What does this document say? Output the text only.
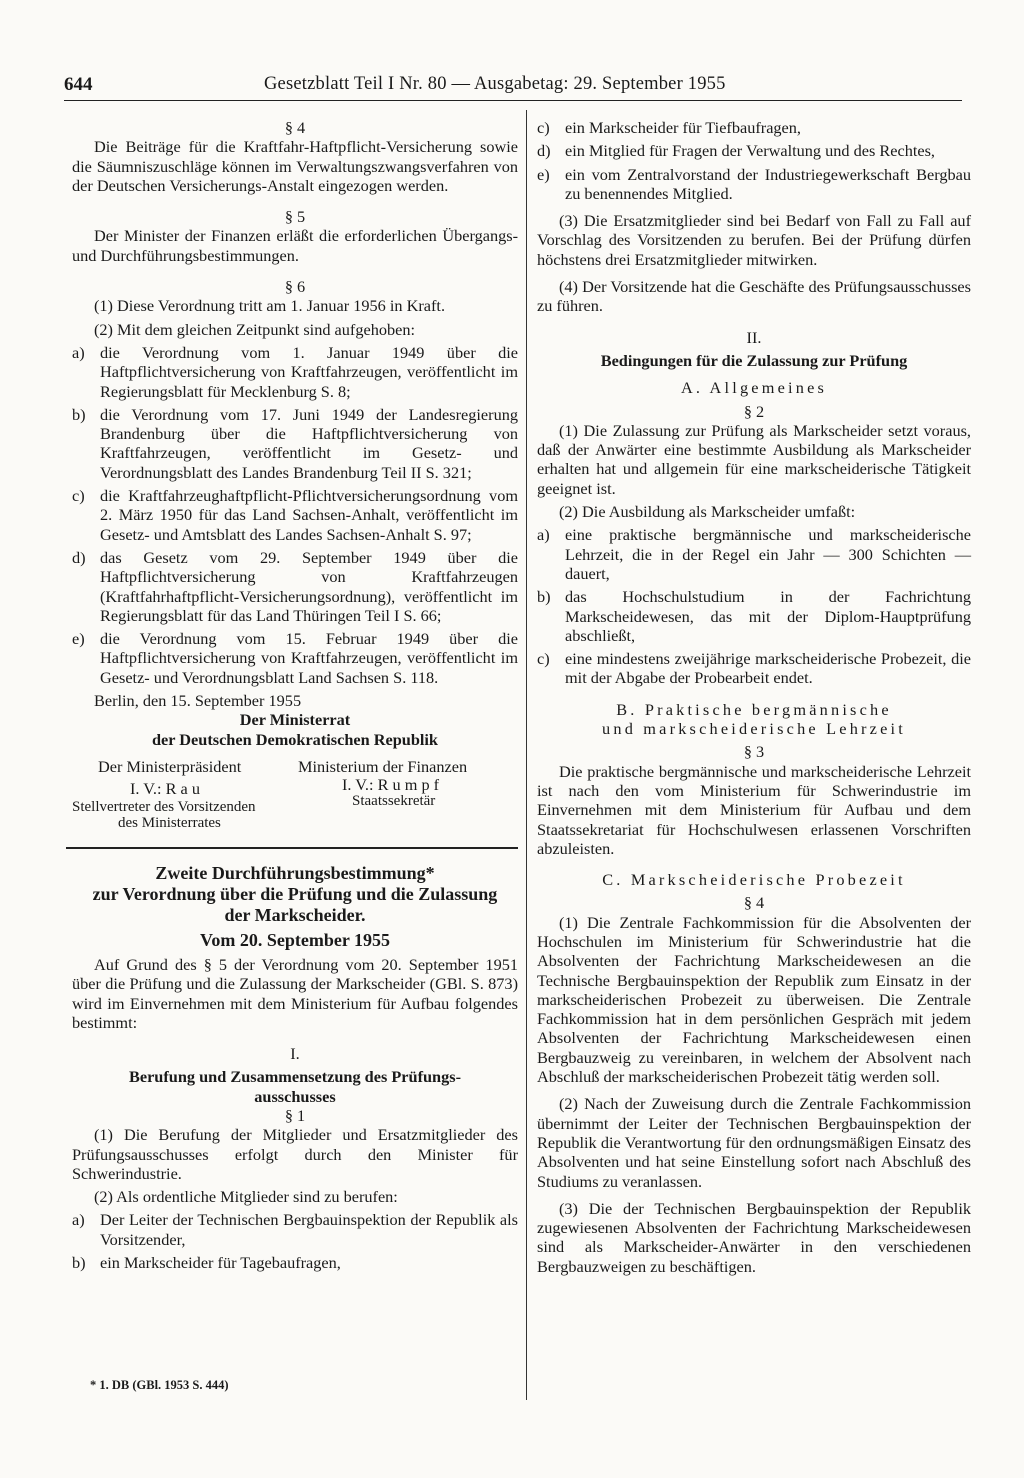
644	Gesetzblatt Teil I Nr. 80 — Ausgabetag: 29. September 1955

§ 4

Die Beiträge für die Kraftfahr-Haftpflicht-Versicherung sowie die Säumniszuschläge können im Verwaltungszwangsverfahren von der Deutschen Versicherungs-Anstalt eingezogen werden.

§ 5

Der Minister der Finanzen erläßt die erforderlichen Übergangs- und Durchführungsbestimmungen.

§ 6

(1) Diese Verordnung tritt am 1. Januar 1956 in Kraft.

(2) Mit dem gleichen Zeitpunkt sind aufgehoben:

a) die Verordnung vom 1. Januar 1949 über die Haftpflichtversicherung von Kraftfahrzeugen, veröffentlicht im Regierungsblatt für Mecklenburg S. 8;
b) die Verordnung vom 17. Juni 1949 der Landesregierung Brandenburg über die Haftpflichtversicherung von Kraftfahrzeugen, veröffentlicht im Gesetz- und Verordnungsblatt des Landes Brandenburg Teil II S. 321;
c) die Kraftfahrzeughaftpflicht-Pflichtversicherungsordnung vom 2. März 1950 für das Land Sachsen-Anhalt, veröffentlicht im Gesetz- und Amtsblatt des Landes Sachsen-Anhalt S. 97;
d) das Gesetz vom 29. September 1949 über die Haftpflichtversicherung von Kraftfahrzeugen (Kraftfahrhaftpflicht-Versicherungsordnung), veröffentlicht im Regierungsblatt für das Land Thüringen Teil I S. 66;
e) die Verordnung vom 15. Februar 1949 über die Haftpflichtversicherung von Kraftfahrzeugen, veröffentlicht im Gesetz- und Verordnungsblatt Land Sachsen S. 118.

Berlin, den 15. September 1955

Der Ministerrat

der Deutschen Demokratischen Republik

Der Ministerpräsident	Ministerium der Finanzen
I. V.: R a u	I. V.: R u m p f
Stellvertreter des Vorsitzenden	Staatssekretär
des Ministerrates

Zweite Durchführungsbestimmung*

zur Verordnung über die Prüfung und die Zulassung

der Markscheider.

Vom 20. September 1955

Auf Grund des § 5 der Verordnung vom 20. September 1951 über die Prüfung und die Zulassung der Markscheider (GBl. S. 873) wird im Einvernehmen mit dem Ministerium für Aufbau folgendes bestimmt:

I.

Berufung und Zusammensetzung des Prüfungs-

ausschusses

§ 1

(1) Die Berufung der Mitglieder und Ersatzmitglieder des Prüfungsausschusses erfolgt durch den Minister für Schwerindustrie.

(2) Als ordentliche Mitglieder sind zu berufen:

a) Der Leiter der Technischen Bergbauinspektion der Republik als Vorsitzender,
b) ein Markscheider für Tagebaufragen,
* 1. DB (GBl. 1953 S. 444)
c) ein Markscheider für Tiefbaufragen,
d) ein Mitglied für Fragen der Verwaltung und des Rechtes,
e) ein vom Zentralvorstand der Industriegewerkschaft Bergbau zu benennendes Mitglied.

(3) Die Ersatzmitglieder sind bei Bedarf von Fall zu Fall auf Vorschlag des Vorsitzenden zu berufen. Bei der Prüfung dürfen höchstens drei Ersatzmitglieder mitwirken.

(4) Der Vorsitzende hat die Geschäfte des Prüfungsausschusses zu führen.

II.

Bedingungen für die Zulassung zur Prüfung

A. Allgemeines

§ 2

(1) Die Zulassung zur Prüfung als Markscheider setzt voraus, daß der Anwärter eine bestimmte Ausbildung als Markscheider erhalten hat und allgemein für eine markscheiderische Tätigkeit geeignet ist.

(2) Die Ausbildung als Markscheider umfaßt:

a) eine praktische bergmännische und markscheiderische Lehrzeit, die in der Regel ein Jahr — 300 Schichten — dauert,
b) das Hochschulstudium in der Fachrichtung Markscheidewesen, das mit der Diplom-Hauptprüfung abschließt,
c) eine mindestens zweijährige markscheiderische Probezeit, die mit der Abgabe der Probearbeit endet.

B. Praktische bergmännische

und markscheiderische Lehrzeit

§ 3

Die praktische bergmännische und markscheiderische Lehrzeit ist nach den vom Ministerium für Schwerindustrie im Einvernehmen mit dem Ministerium für Aufbau und dem Staatssekretariat für Hochschulwesen erlassenen Vorschriften abzuleisten.

C. Markscheiderische Probezeit

§ 4

(1) Die Zentrale Fachkommission für die Absolventen der Hochschulen im Ministerium für Schwerindustrie hat die Absolventen der Fachrichtung Markscheidewesen an die Technische Bergbauinspektion der Republik zum Einsatz in der markscheiderischen Probezeit zu überweisen. Die Zentrale Fachkommission hat in dem persönlichen Gespräch mit jedem Absolventen der Fachrichtung Markscheidewesen einen Bergbauzweig zu vereinbaren, in welchem der Absolvent nach Abschluß der markscheiderischen Probezeit tätig werden soll.

(2) Nach der Zuweisung durch die Zentrale Fachkommission übernimmt der Leiter der Technischen Bergbauinspektion der Republik die Verantwortung für den ordnungsmäßigen Einsatz des Absolventen und hat seine Einstellung sofort nach Abschluß des Studiums zu veranlassen.

(3) Die der Technischen Bergbauinspektion der Republik zugewiesenen Absolventen der Fachrichtung Markscheidewesen sind als Markscheider-Anwärter in den verschiedenen Bergbauzweigen zu beschäftigen.
